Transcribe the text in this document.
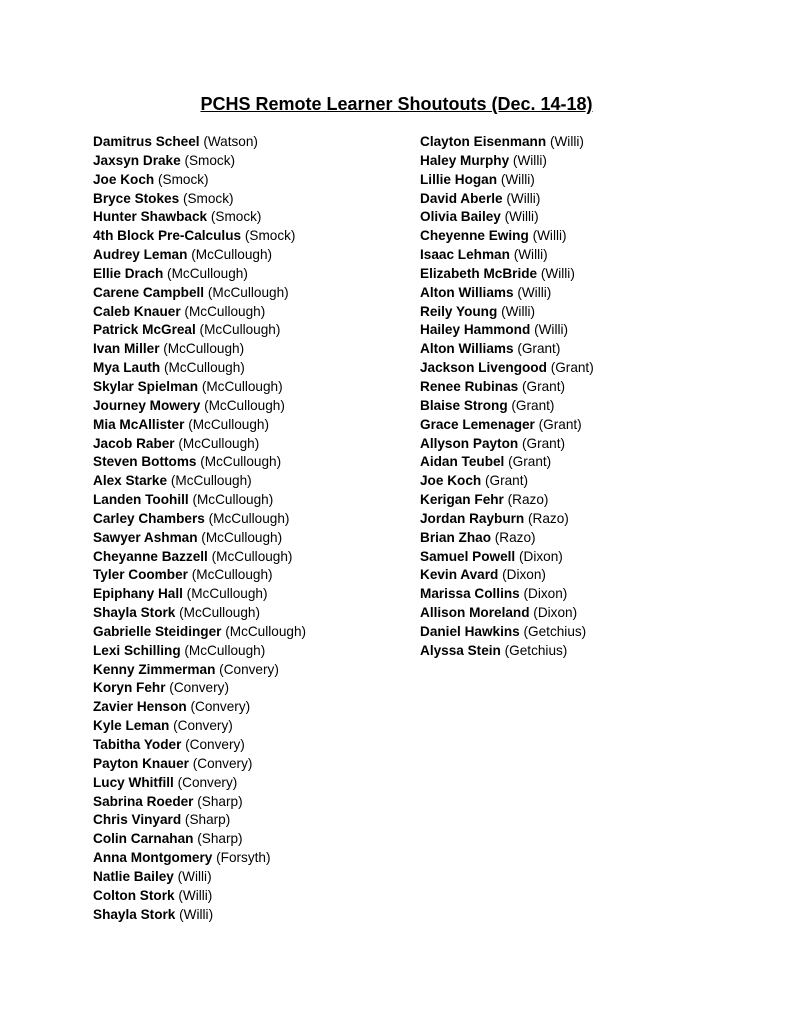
PCHS Remote Learner Shoutouts (Dec. 14-18)
Damitrus Scheel (Watson)
Jaxsyn Drake (Smock)
Joe Koch (Smock)
Bryce Stokes (Smock)
Hunter Shawback (Smock)
4th Block Pre-Calculus (Smock)
Audrey Leman (McCullough)
Ellie Drach (McCullough)
Carene Campbell (McCullough)
Caleb Knauer (McCullough)
Patrick McGreal (McCullough)
Ivan Miller (McCullough)
Mya Lauth (McCullough)
Skylar Spielman (McCullough)
Journey Mowery (McCullough)
Mia McAllister (McCullough)
Jacob Raber (McCullough)
Steven Bottoms (McCullough)
Alex Starke (McCullough)
Landen Toohill (McCullough)
Carley Chambers (McCullough)
Sawyer Ashman (McCullough)
Cheyanne Bazzell (McCullough)
Tyler Coomber (McCullough)
Epiphany Hall (McCullough)
Shayla Stork (McCullough)
Gabrielle Steidinger (McCullough)
Lexi Schilling (McCullough)
Kenny Zimmerman (Convery)
Koryn Fehr (Convery)
Zavier Henson (Convery)
Kyle Leman (Convery)
Tabitha Yoder (Convery)
Payton Knauer (Convery)
Lucy Whitfill (Convery)
Sabrina Roeder (Sharp)
Chris Vinyard (Sharp)
Colin Carnahan (Sharp)
Anna Montgomery (Forsyth)
Natlie Bailey (Willi)
Colton Stork (Willi)
Shayla Stork (Willi)
Clayton Eisenmann (Willi)
Haley Murphy (Willi)
Lillie Hogan (Willi)
David Aberle (Willi)
Olivia Bailey (Willi)
Cheyenne Ewing (Willi)
Isaac Lehman (Willi)
Elizabeth McBride (Willi)
Alton Williams (Willi)
Reily Young (Willi)
Hailey Hammond (Willi)
Alton Williams (Grant)
Jackson Livengood (Grant)
Renee Rubinas (Grant)
Blaise Strong (Grant)
Grace Lemenager (Grant)
Allyson Payton (Grant)
Aidan Teubel (Grant)
Joe Koch (Grant)
Kerigan Fehr (Razo)
Jordan Rayburn (Razo)
Brian Zhao (Razo)
Samuel Powell (Dixon)
Kevin Avard (Dixon)
Marissa Collins (Dixon)
Allison Moreland (Dixon)
Daniel Hawkins (Getchius)
Alyssa Stein (Getchius)
